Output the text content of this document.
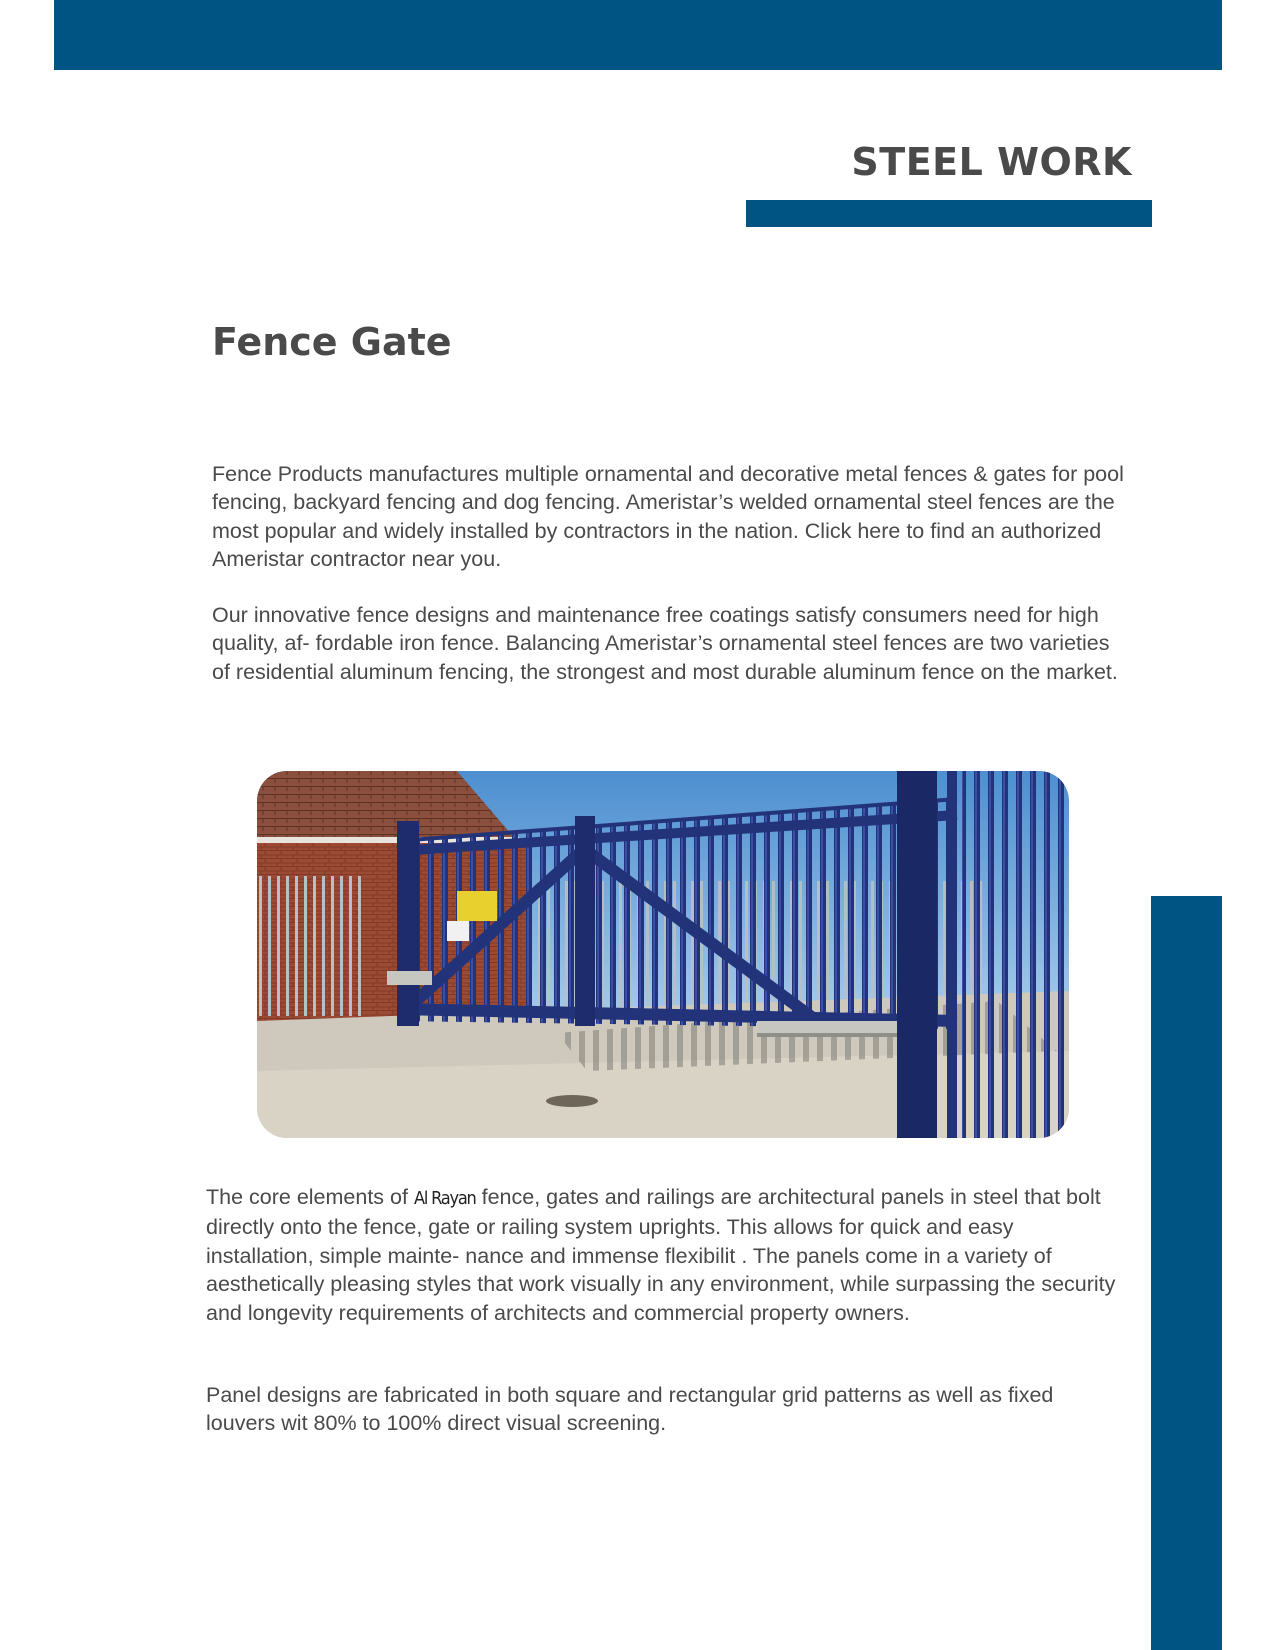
STEEL WORK
Fence Gate

Fence Products manufactures multiple ornamental and decorative metal fences & gates for pool fencing, backyard fencing and dog fencing. Ameristar’s welded ornamental steel fences are the most popular and widely installed by contractors in the nation. Click here to find an authorized Ameristar contractor near you.

Our innovative fence designs and maintenance free coatings satisfy consumers need for high quality, af- fordable iron fence. Balancing Ameristar’s ornamental steel fences are two varieties of residential aluminum fencing, the strongest and most durable aluminum fence on the market.

The core elements of Al Rayan fence, gates and railings are architectural panels in steel that bolt directly onto the fence, gate or railing system uprights. This allows for quick and easy installation, simple mainte- nance and immense flexibilit . The panels come in a variety of aesthetically pleasing styles that work visually in any environment, while surpassing the security and longevity requirements of architects and commercial property owners.

Panel designs are fabricated in both square and rectangular grid patterns as well as fixed louvers wit 80% to 100% direct visual screening.
